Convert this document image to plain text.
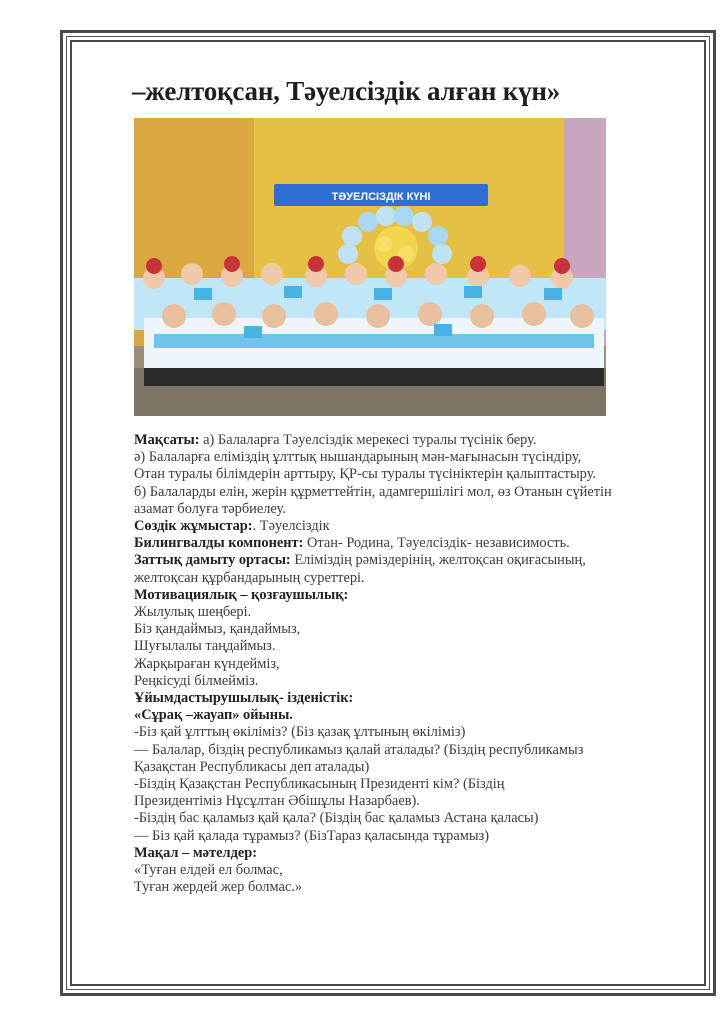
–желтоқсан, Тәуелсіздік алған күн»
ТӘУЕЛСІЗДІК КҮНІ
Мақсаты: а) Балаларға Тәуелсіздік мерекесі туралы түсінік беру.
ә) Балаларға еліміздің ұлттық нышандарының мән-мағынасын түсіндіру,
Отан туралы білімдерін арттыру, ҚР-сы туралы түсініктерін қалыптастыру.
б) Балаларды елін, жерін құрметтейтін, адамгершілігі мол, өз Отанын сүйетін
азамат болуға тәрбиелеу.
Сөздік жұмыстар:. Тәуелсіздік
Билингвалды компонент: Отан- Родина, Тәуелсіздік- независимость.
Заттық дамыту ортасы: Еліміздің рәміздерінің, желтоқсан оқиғасының,
желтоқсан құрбандарының суреттері.
Мотивациялық – қозғаушылық:
Жылулық шеңбері.
Біз қандаймыз, қандаймыз,
Шуғылалы таңдаймыз.
Жарқыраған күндейміз,
Реңкісуді білмейміз.
Ұйымдастырушылық- ізденістік:
«Сұрақ –жауап» ойыны.
-Біз қай ұлттың өкіліміз? (Біз қазақ ұлтының өкіліміз)
— Балалар, біздің республикамыз қалай аталады? (Біздің республикамыз
Қазақстан Республикасы деп аталады)
-Біздің Қазақстан Республикасының Президенті кім? (Біздің
Президентіміз Нұсұлтан Әбішұлы Назарбаев).
-Біздің бас қаламыз қай қала? (Біздің бас қаламыз Астана қаласы)
— Біз қай қалада тұрамыз? (БізТараз қаласында тұрамыз)
Мақал – мәтелдер:
«Туған елдей ел болмас,
Туған жердей жер болмас.»
